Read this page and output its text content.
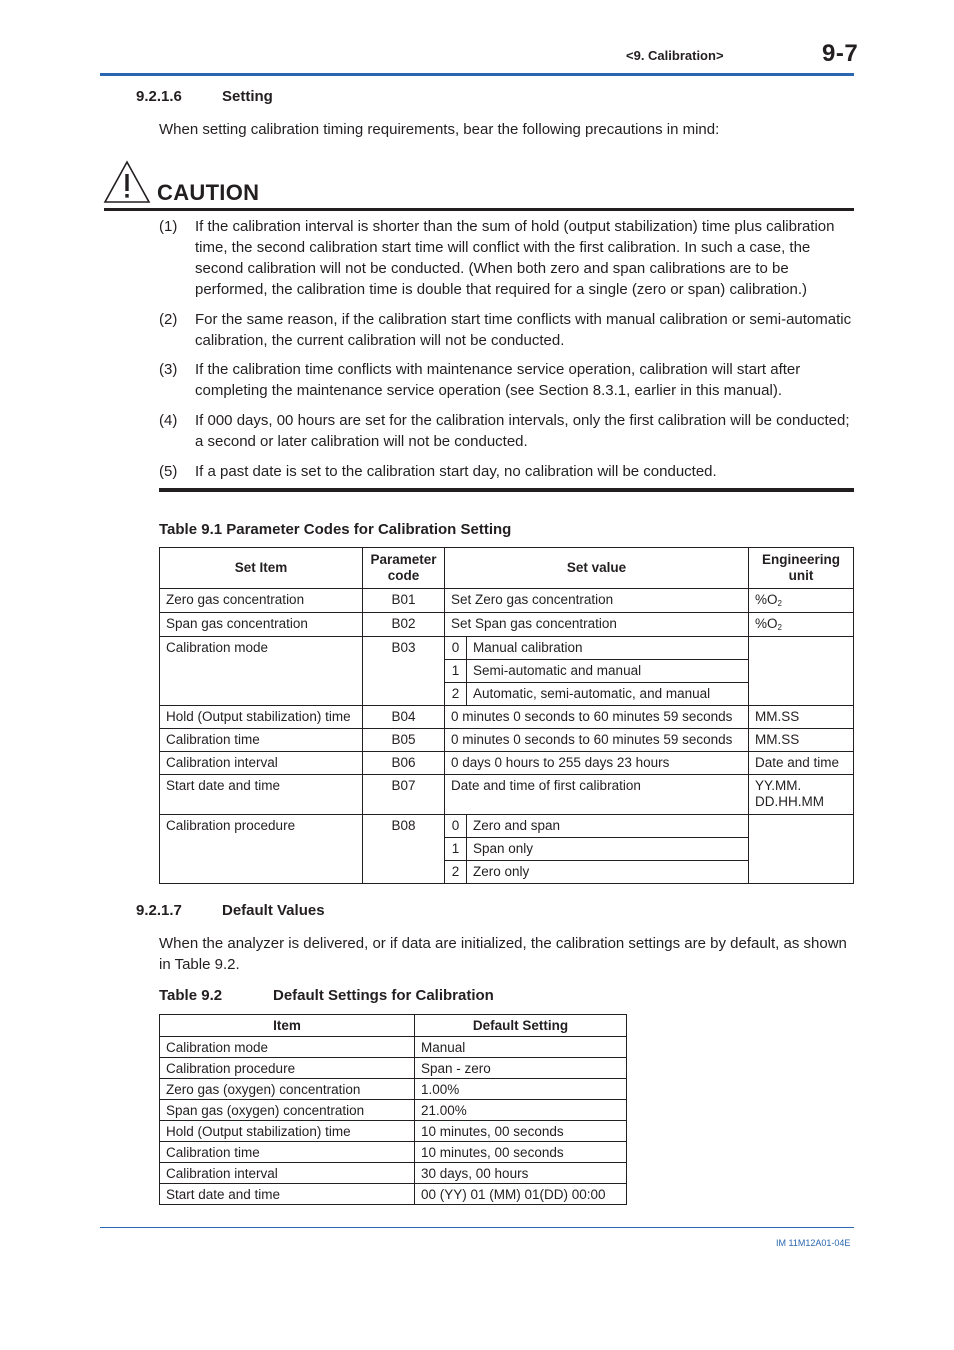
<9. Calibration>	9-7
9.2.1.6	Setting
When setting calibration timing requirements, bear the following precautions in mind:
CAUTION
(1) If the calibration interval is shorter than the sum of hold (output stabilization) time plus calibration time, the second calibration start time will conflict with the first calibration. In such a case, the second calibration will not be conducted. (When both zero and span calibrations are to be performed, the calibration time is double that required for a single (zero or span) calibration.)
(2) For the same reason, if the calibration start time conflicts with manual calibration or semi-automatic calibration, the current calibration will not be conducted.
(3) If the calibration time conflicts with maintenance service operation, calibration will start after completing the maintenance service operation (see Section 8.3.1, earlier in this manual).
(4) If 000 days, 00 hours are set for the calibration intervals, only the first calibration will be conducted; a second or later calibration will not be conducted.
(5) If a past date is set to the calibration start day, no calibration will be conducted.
Table 9.1 Parameter Codes for Calibration Setting
Set Item	Parameter code	Set value		Engineering unit
Zero gas concentration	B01	Set Zero gas concentration		$\%O_2$
Span gas concentration	B02	Set Span gas concentration		$\%O_2$
Calibration mode	B03	0	Manual calibration	
		1	Semi-automatic and manual	
		2	Automatic, semi-automatic, and manual	
Hold (Output stabilization) time	B04	0 minutes 0 seconds to 60 minutes 59 seconds		MM.SS
Calibration time	B05	0 minutes 0 seconds to 60 minutes 59 seconds		MM.SS
Calibration interval	B06	0 days 0 hours to 255 days 23 hours		Date and time
Start date and time	B07	Date and time of first calibration		YY.MM.
DD.HH.MM

Calibration procedure	B08	0	Zero and span	
		1	Span only	
		2	Zero only	
9.2.1.7	Default Values
When the analyzer is delivered, or if data are initialized, the calibration settings are by default, as shown in Table 9.2.
Table 9.2	Default Settings for Calibration
Item	Default Setting
Calibration mode	Manual
Calibration procedure	Span - zero
Zero gas (oxygen) concentration	1.00%
Span gas (oxygen) concentration	21.00%
Hold (Output stabilization) time	10 minutes, 00 seconds
Calibration time	10 minutes, 00 seconds
Calibration interval	30 days, 00 hours
Start date and time	00 (YY) 01 (MM) 01(DD) 00:00
IM 11M12A01-04E
